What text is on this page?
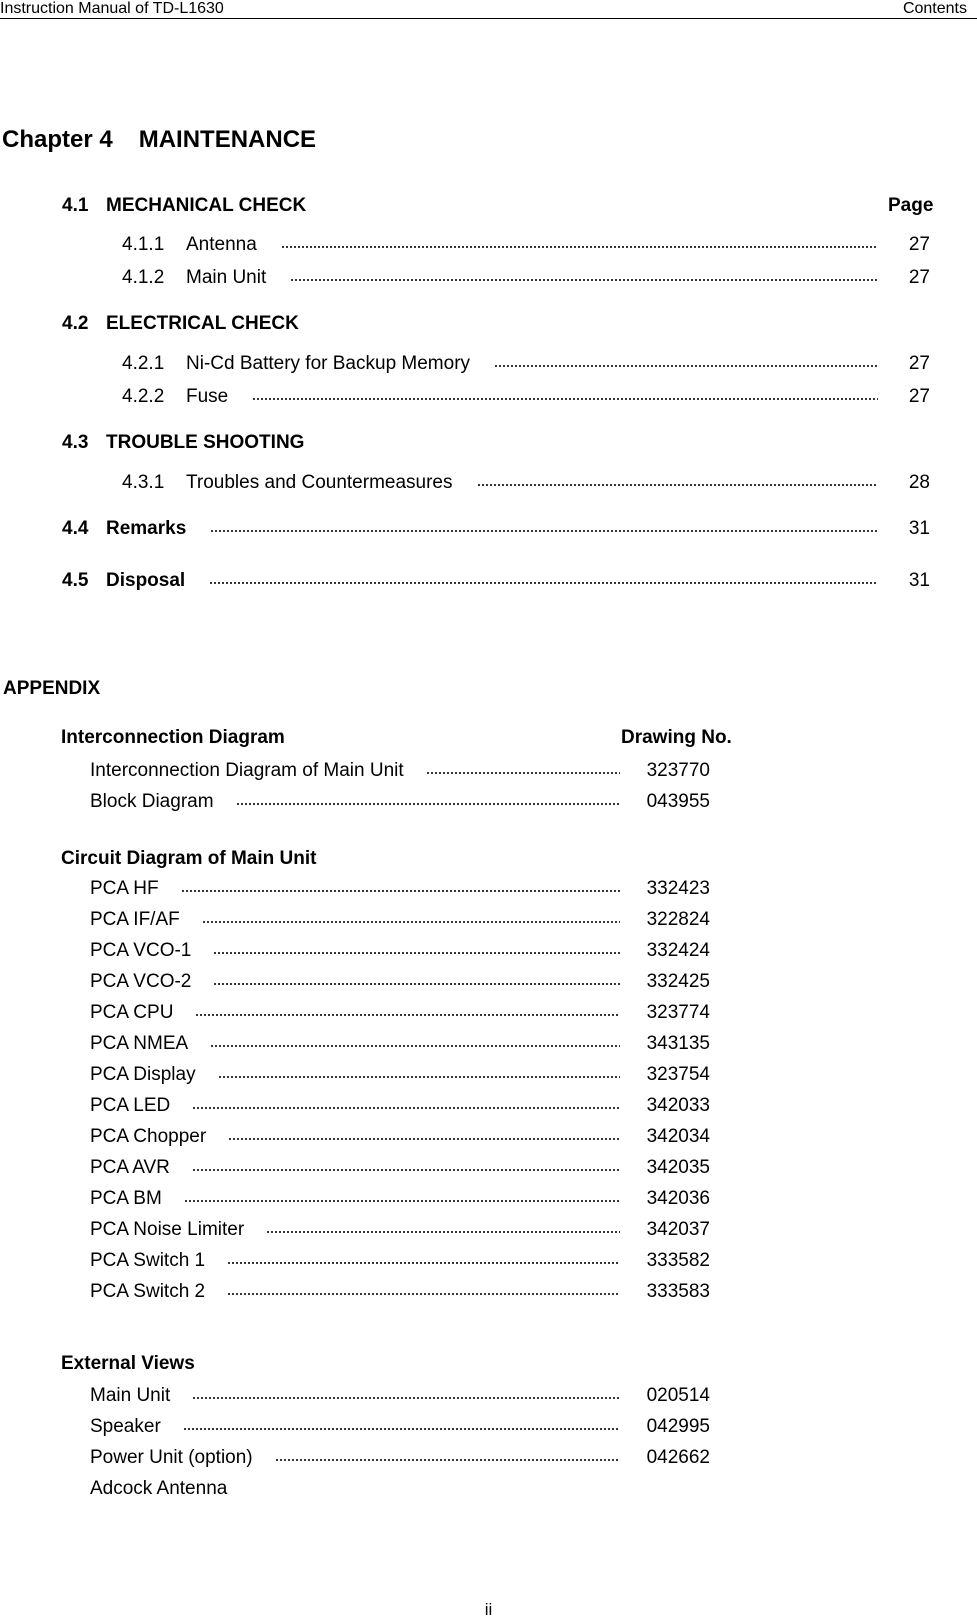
Instruction Manual of TD-L1630	Contents
Chapter 4 MAINTENANCE
4.1 MECHANICAL CHECK	Page
4.1.1	Antenna	27
4.1.2	Main Unit	27
4.2 ELECTRICAL CHECK
4.2.1	Ni-Cd Battery for Backup Memory	27
4.2.2	Fuse	27
4.3 TROUBLE SHOOTING
4.3.1	Troubles and Countermeasures	28
4.4 Remarks	31
4.5 Disposal	31
APPENDIX
Interconnection Diagram	Drawing No.
Interconnection Diagram of Main Unit	323770
Block Diagram	043955
Circuit Diagram of Main Unit
PCA HF	332423
PCA IF/AF	322824
PCA VCO-1	332424
PCA VCO-2	332425
PCA CPU	323774
PCA NMEA	343135
PCA Display	323754
PCA LED	342033
PCA Chopper	342034
PCA AVR	342035
PCA BM	342036
PCA Noise Limiter	342037
PCA Switch 1	333582
PCA Switch 2	333583
External Views
Main Unit	020514
Speaker	042995
Power Unit (option)	042662
Adcock Antenna
ii
